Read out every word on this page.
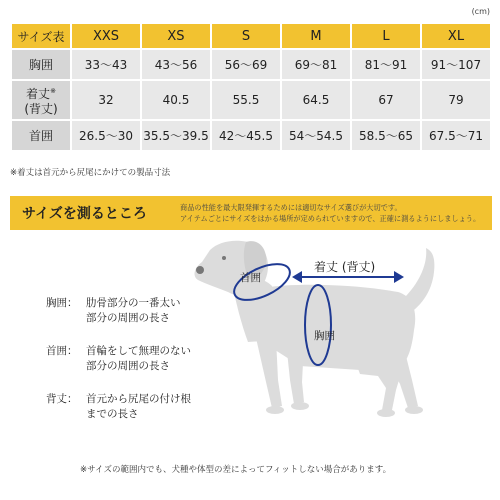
(cm)
サイズ表	XXS	XS	S	M	L	XL
胸囲	33〜43	43〜56	56〜69	69〜81	81〜91	91〜107

着丈※
(背丈)	32	40.5	55.5	64.5	67	79
首囲	26.5〜30	35.5〜39.5	42〜45.5	54〜54.5	58.5〜65	67.5〜71
※着丈は首元から尻尾にかけての製品寸法
サイズを測るところ	商品の性能を最大限発揮するためには適切なサイズ選びが大切です。
アイテムごとにサイズをはかる場所が定められていますので、正確に測るようにしましょう。
首囲
着丈 (背丈)
胸囲
胸囲： 肋骨部分の一番太い
部分の周囲の長さ
首囲： 首輪をして無理のない
部分の周囲の長さ
背丈： 首元から尻尾の付け根
までの長さ
※サイズの範囲内でも、犬種や体型の差によってフィットしない場合があります。
